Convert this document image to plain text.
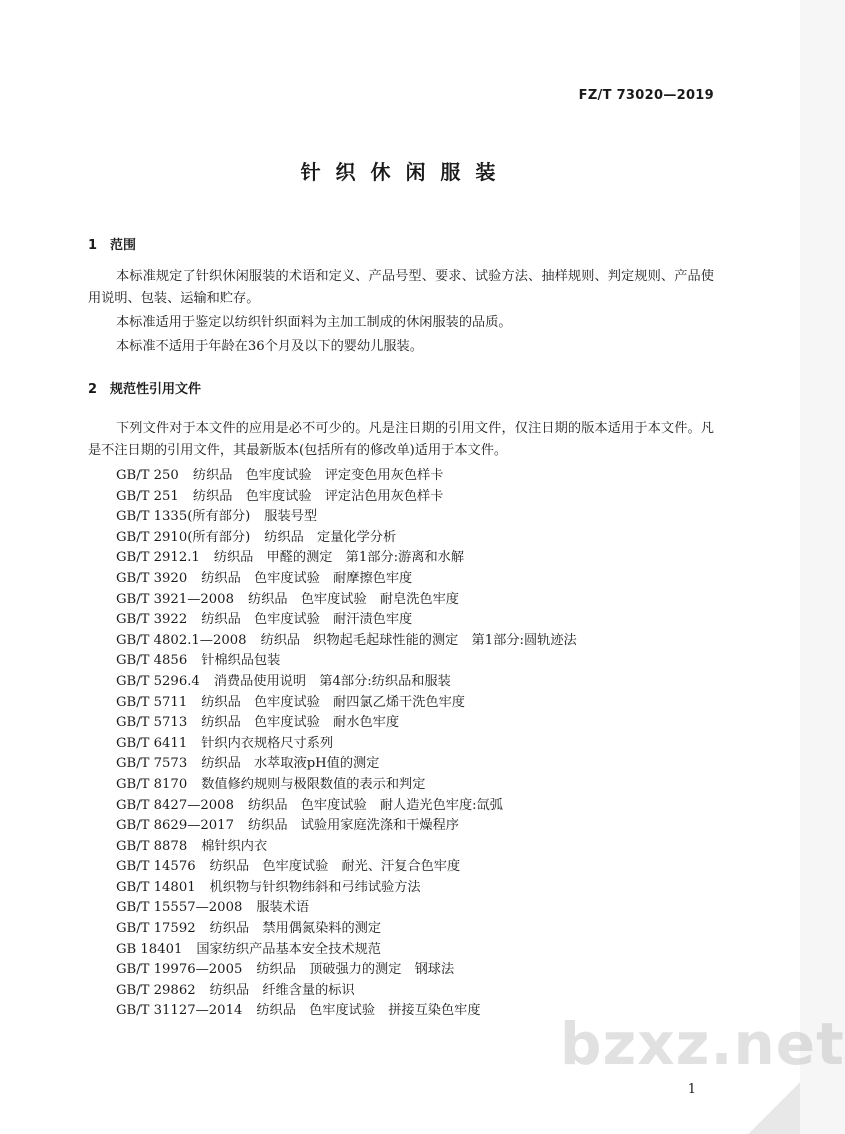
FZ/T 73020—2019
针 织 休 闲 服 装
1 范围
本标准规定了针织休闲服装的术语和定义、产品号型、要求、试验方法、抽样规则、判定规则、产品使用说明、包装、运输和贮存。
本标准适用于鉴定以纺织针织面料为主加工制成的休闲服装的品质。
本标准不适用于年龄在36个月及以下的婴幼儿服装。
2 规范性引用文件
下列文件对于本文件的应用是必不可少的。凡是注日期的引用文件，仅注日期的版本适用于本文件。凡是不注日期的引用文件，其最新版本(包括所有的修改单)适用于本文件。
GB/T 250 纺织品　色牢度试验　评定变色用灰色样卡
GB/T 251 纺织品　色牢度试验　评定沾色用灰色样卡
GB/T 1335(所有部分) 服装号型
GB/T 2910(所有部分) 纺织品　定量化学分析
GB/T 2912.1 纺织品　甲醛的测定　第1部分:游离和水解
GB/T 3920 纺织品　色牢度试验　耐摩擦色牢度
GB/T 3921—2008 纺织品　色牢度试验　耐皂洗色牢度
GB/T 3922 纺织品　色牢度试验　耐汗渍色牢度
GB/T 4802.1—2008 纺织品　织物起毛起球性能的测定　第1部分:圆轨迹法
GB/T 4856 针棉织品包装
GB/T 5296.4 消费品使用说明　第4部分:纺织品和服装
GB/T 5711 纺织品　色牢度试验　耐四氯乙烯干洗色牢度
GB/T 5713 纺织品　色牢度试验　耐水色牢度
GB/T 6411 针织内衣规格尺寸系列
GB/T 7573 纺织品　水萃取液pH值的测定
GB/T 8170 数值修约规则与极限数值的表示和判定
GB/T 8427—2008 纺织品　色牢度试验　耐人造光色牢度:氙弧
GB/T 8629—2017 纺织品　试验用家庭洗涤和干燥程序
GB/T 8878 棉针织内衣
GB/T 14576 纺织品　色牢度试验　耐光、汗复合色牢度
GB/T 14801 机织物与针织物纬斜和弓纬试验方法
GB/T 15557—2008 服装术语
GB/T 17592 纺织品　禁用偶氮染料的测定
GB 18401 国家纺织产品基本安全技术规范
GB/T 19976—2005 纺织品　顶破强力的测定　钢球法
GB/T 29862 纺织品　纤维含量的标识
GB/T 31127—2014 纺织品　色牢度试验　拼接互染色牢度
1
bzxz.net
